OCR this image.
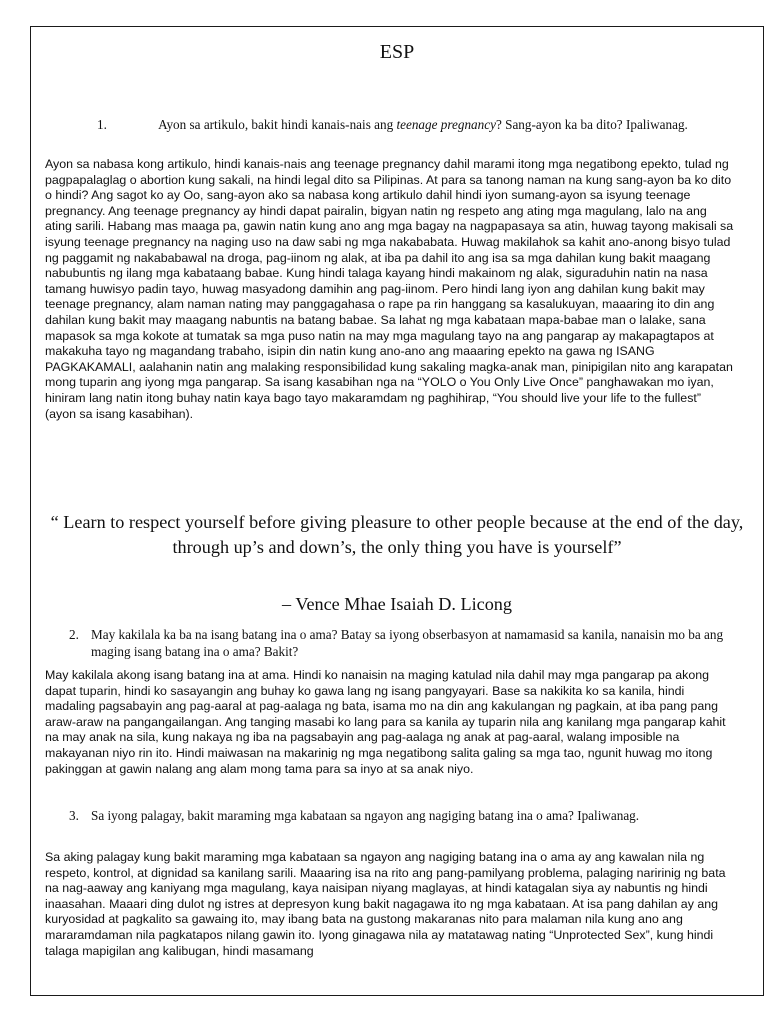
ESP
1.	Ayon sa artikulo, bakit hindi kanais-nais ang teenage pregnancy? Sang-ayon ka ba dito? Ipaliwanag.

Ayon sa nabasa kong artikulo, hindi kanais-nais ang teenage pregnancy dahil marami itong mga negatibong epekto, tulad ng pagpapalaglag o abortion kung sakali, na hindi legal dito sa Pilipinas. At para sa tanong naman na kung sang-ayon ba ko dito o hindi? Ang sagot ko ay Oo, sang-ayon ako sa nabasa kong artikulo dahil hindi iyon sumang-ayon sa isyung teenage pregnancy. Ang teenage pregnancy ay hindi dapat pairalin, bigyan natin ng respeto ang ating mga magulang, lalo na ang ating sarili. Habang mas maaga pa, gawin natin kung ano ang mga bagay na nagpapasaya sa atin, huwag tayong makisali sa isyung teenage pregnancy na naging uso na daw sabi ng mga nakababata. Huwag makilahok sa kahit ano-anong bisyo tulad ng paggamit ng nakababawal na droga, pag-iinom ng alak, at iba pa dahil ito ang isa sa mga dahilan kung bakit maagang nabubuntis ng ilang mga kabataang babae. Kung hindi talaga kayang hindi makainom ng alak, siguraduhin natin na nasa tamang huwisyo padin tayo, huwag masyadong damihin ang pag-iinom. Pero hindi lang iyon ang dahilan kung bakit may teenage pregnancy, alam naman nating may panggagahasa o rape pa rin hanggang sa kasalukuyan, maaaring ito din ang dahilan kung bakit may maagang nabuntis na batang babae. Sa lahat ng mga kabataan mapa-babae man o lalake, sana mapasok sa mga kokote at tumatak sa mga puso natin na may mga magulang tayo na ang pangarap ay makapagtapos at makakuha tayo ng magandang trabaho, isipin din natin kung ano-ano ang maaaring epekto na gawa ng ISANG PAGKAKAMALI, aalahanin natin ang malaking responsibilidad kung sakaling magka-anak man, pinipigilan nito ang karapatan mong tuparin ang iyong mga pangarap. Sa isang kasabihan nga na “YOLO o You Only Live Once” panghawakan mo iyan, hiniram lang natin itong buhay natin kaya bago tayo makaramdam ng paghihirap, “You should live your life to the fullest” (ayon sa isang kasabihan).

“ Learn to respect yourself before giving pleasure to other people because at the end of the day, through up’s and down’s, the only thing you have is yourself”
– Vence Mhae Isaiah D. Licong
2. May kakilala ka ba na isang batang ina o ama? Batay sa iyong obserbasyon at namamasid sa kanila, nanaisin mo ba ang maging isang batang ina o ama? Bakit?

May kakilala akong isang batang ina at ama. Hindi ko nanaisin na maging katulad nila dahil may mga pangarap pa akong dapat tuparin, hindi ko sasayangin ang buhay ko gawa lang ng isang pangyayari. Base sa nakikita ko sa kanila, hindi madaling pagsabayin ang pag-aaral at pag-aalaga ng bata, isama mo na din ang kakulangan ng pagkain, at iba pang pang araw-araw na pangangailangan. Ang tanging masabi ko lang para sa kanila ay tuparin nila ang kanilang mga pangarap kahit na may anak na sila, kung nakaya ng iba na pagsabayin ang pag-aalaga ng anak at pag-aaral, walang imposible na makayanan niyo rin ito. Hindi maiwasan na makarinig ng mga negatibong salita galing sa mga tao, ngunit huwag mo itong pakinggan at gawin nalang ang alam mong tama para sa inyo at sa anak niyo.

3. Sa iyong palagay, bakit maraming mga kabataan sa ngayon ang nagiging batang ina o ama? Ipaliwanag.

Sa aking palagay kung bakit maraming mga kabataan sa ngayon ang nagiging batang ina o ama ay ang kawalan nila ng respeto, kontrol, at dignidad sa kanilang sarili. Maaaring isa na rito ang pang-pamilyang problema, palaging naririnig ng bata na nag-aaway ang kaniyang mga magulang, kaya naisipan niyang maglayas, at hindi katagalan siya ay nabuntis ng hindi inaasahan. Maaari ding dulot ng istres at depresyon kung bakit nagagawa ito ng mga kabataan. At isa pang dahilan ay ang kuryosidad at pagkalito sa gawaing ito, may ibang bata na gustong makaranas nito para malaman nila kung ano ang mararamdaman nila pagkatapos nilang gawin ito. Iyong ginagawa nila ay matatawag nating “Unprotected Sex”, kung hindi talaga mapigilan ang kalibugan, hindi masamang
